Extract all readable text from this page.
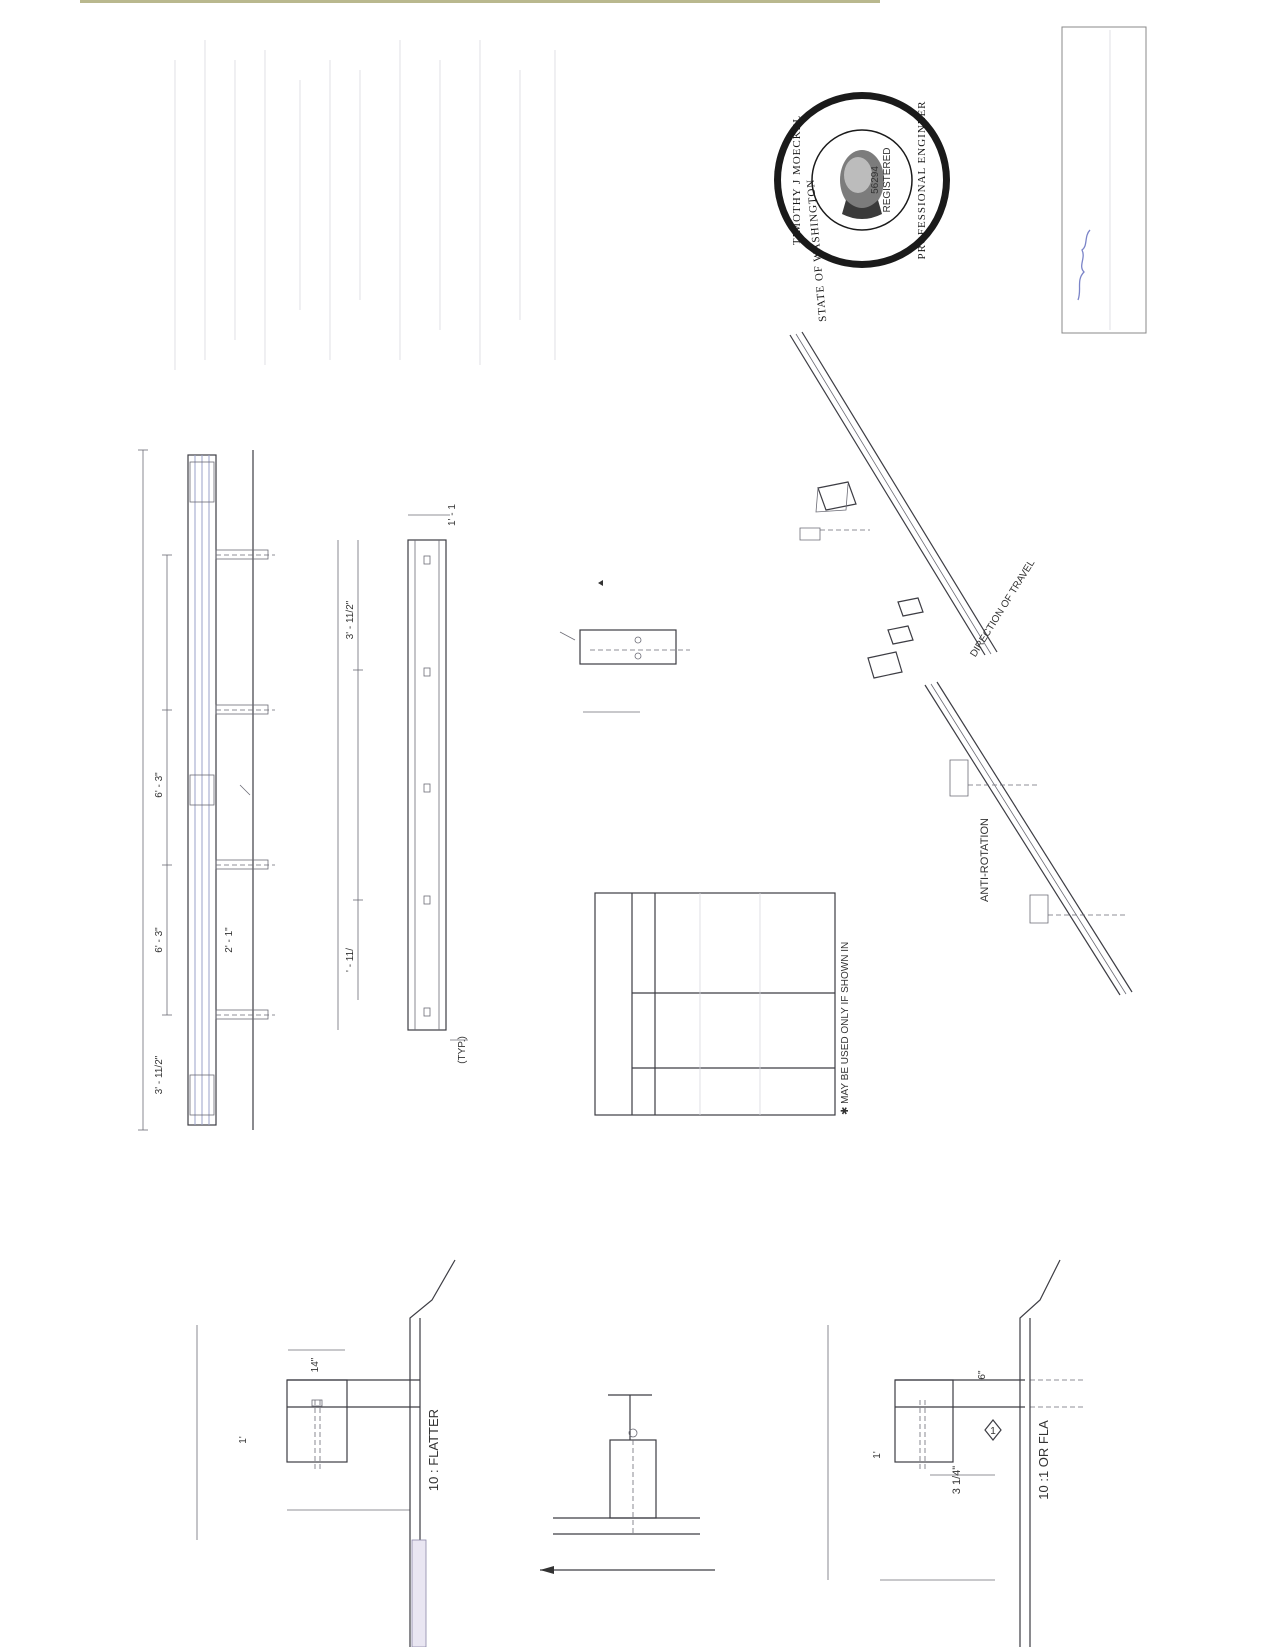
6' - 3"
6' - 3"
3' - 11/2"
2' - 1"
3' - 11/2"
' - 11/
1' - 1
(TYP.)	✱ MAY BE USED ONLY IF SHOWN IN
DIRECTION OF TRAVEL
ANTI-ROTATION
STATE OF WASHINGTON
TIMOTHY J MOECKEL	PROFESSIONAL ENGINEER
REGISTERED
56294
14"
1'	10 : FLATTER
6"
1'
3 1/4"	10 :1 OR FLA
1
